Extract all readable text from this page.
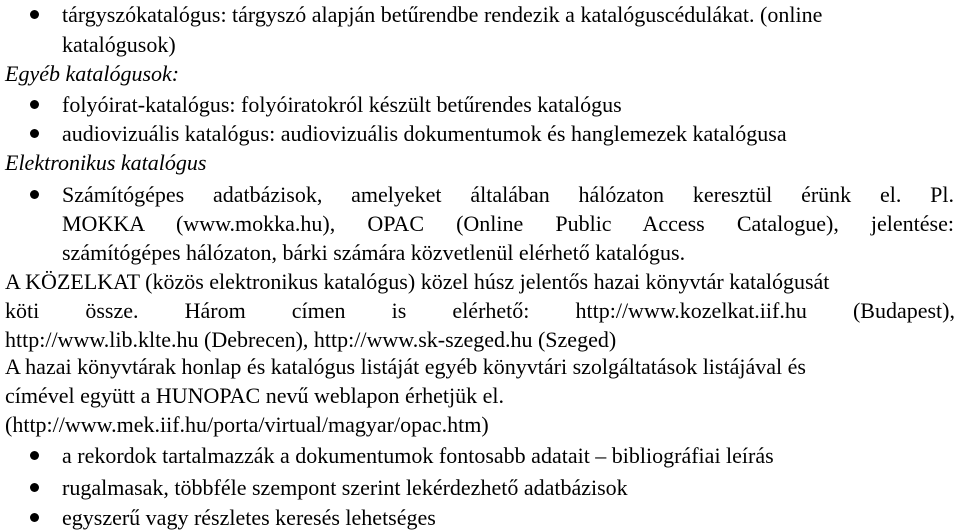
tárgyszókatalógus: tárgyszó alapján betűrendbe rendezik a katalóguscédulákat. (online
katalógusok)
Egyéb katalógusok:
folyóirat-katalógus: folyóiratokról készült betűrendes katalógus
audiovizuális katalógus: audiovizuális dokumentumok és hanglemezek katalógusa
Elektronikus katalógus
Számítógépes adatbázisok, amelyeket általában hálózaton keresztül érünk el. Pl.
MOKKA (www.mokka.hu), OPAC (Online Public Access Catalogue), jelentése:
számítógépes hálózaton, bárki számára közvetlenül elérhető katalógus.
A KÖZELKAT (közös elektronikus katalógus) közel húsz jelentős hazai könyvtár katalógusát
köti össze. Három címen is elérhető: http://www.kozelkat.iif.hu (Budapest),
http://www.lib.klte.hu (Debrecen), http://www.sk-szeged.hu (Szeged)
A hazai könyvtárak honlap és katalógus listáját egyéb könyvtári szolgáltatások listájával és
címével együtt a HUNOPAC nevű weblapon érhetjük el.
(http://www.mek.iif.hu/porta/virtual/magyar/opac.htm)
a rekordok tartalmazzák a dokumentumok fontosabb adatait – bibliográfiai leírás
rugalmasak, többféle szempont szerint lekérdezhető adatbázisok
egyszerű vagy részletes keresés lehetséges
